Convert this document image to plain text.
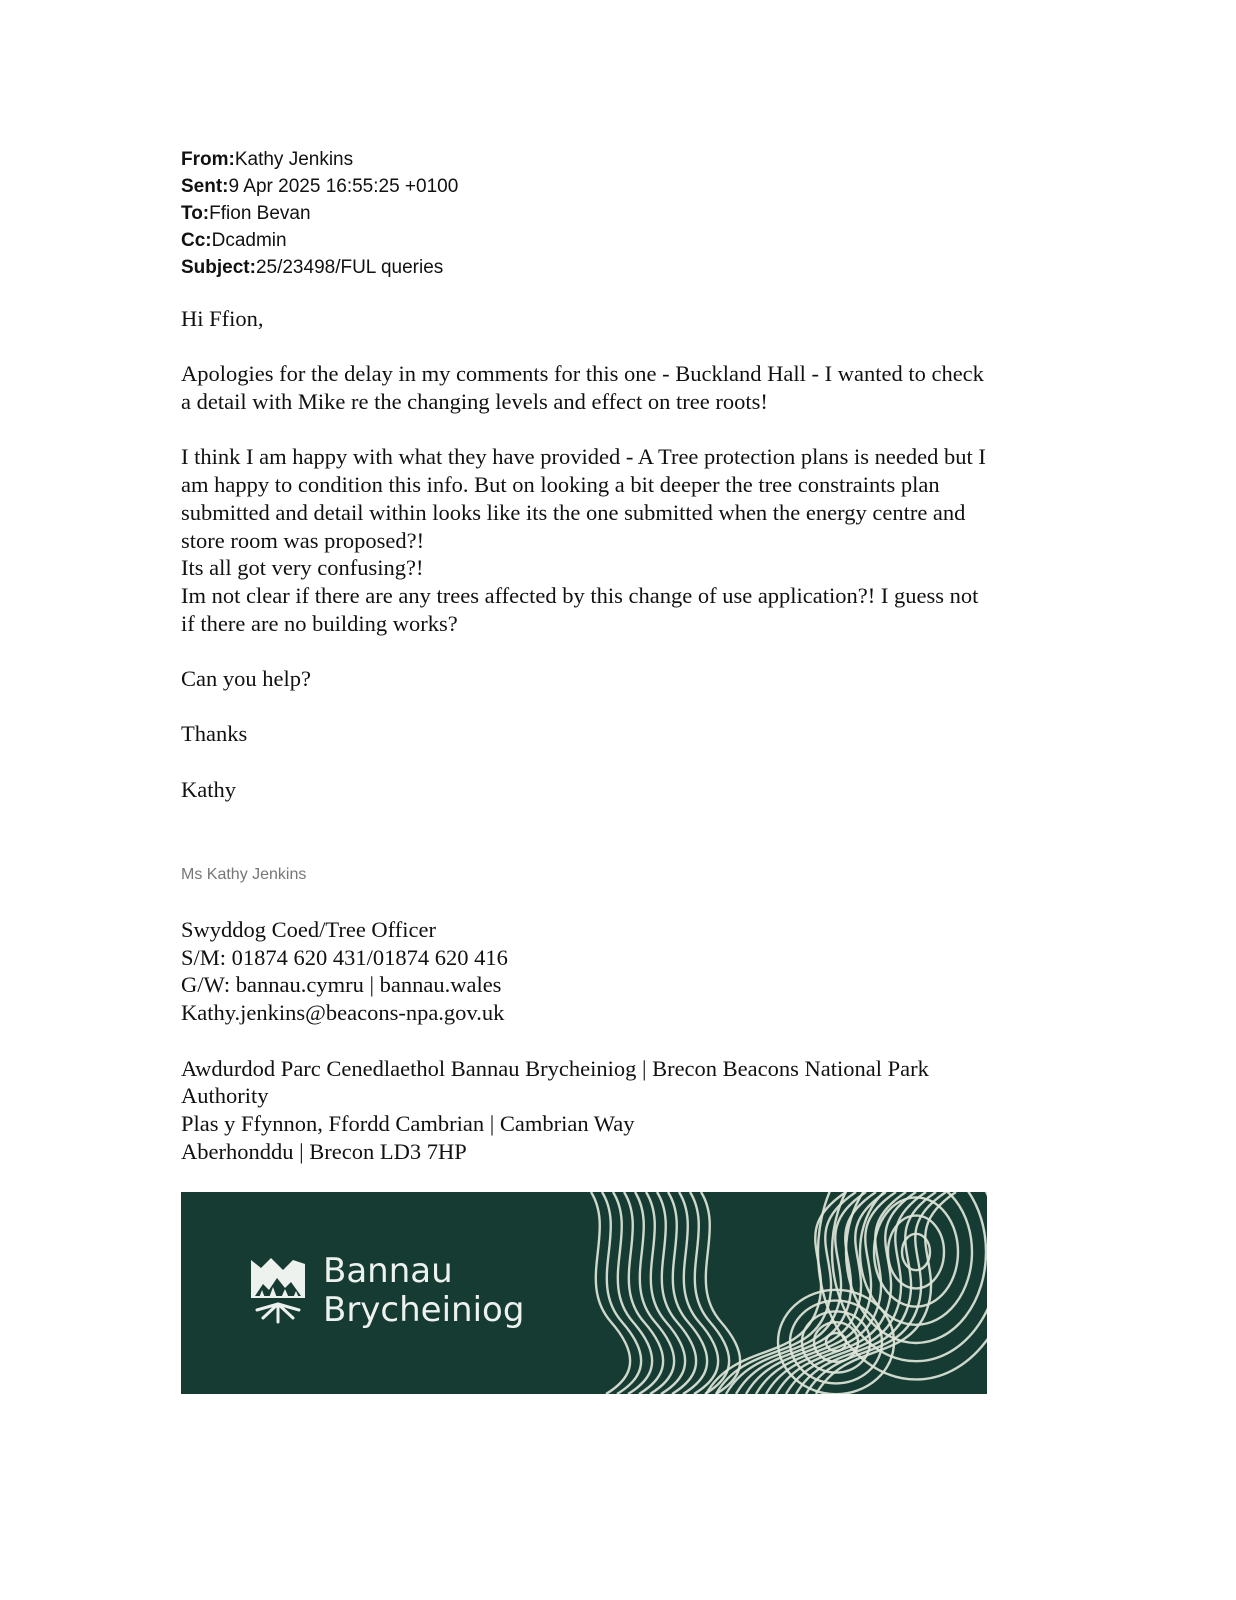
From:Kathy Jenkins
Sent:9 Apr 2025 16:55:25 +0100
To:Ffion Bevan
Cc:Dcadmin
Subject:25/23498/FUL queries

Hi Ffion,

Apologies for the delay in my comments for this one - Buckland Hall - I wanted to check

a detail with Mike re the changing levels and effect on tree roots!

I think I am happy with what they have provided - A Tree protection plans is needed but I

am happy to condition this info. But on looking a bit deeper the tree constraints plan

submitted and detail within looks like its the one submitted when the energy centre and

store room was proposed?!

Its all got very confusing?!

Im not clear if there are any trees affected by this change of use application?! I guess not

if there are no building works?

Can you help?

Thanks

Kathy

Ms Kathy Jenkins

Swyddog Coed/Tree Officer

S/M: 01874 620 431/01874 620 416

G/W: bannau.cymru | bannau.wales

Kathy.jenkins@beacons-npa.gov.uk

Awdurdod Parc Cenedlaethol Bannau Brycheiniog | Brecon Beacons National Park

Authority

Plas y Ffynnon, Ffordd Cambrian | Cambrian Way

Aberhonddu | Brecon LD3 7HP

Bannau
Brycheiniog
